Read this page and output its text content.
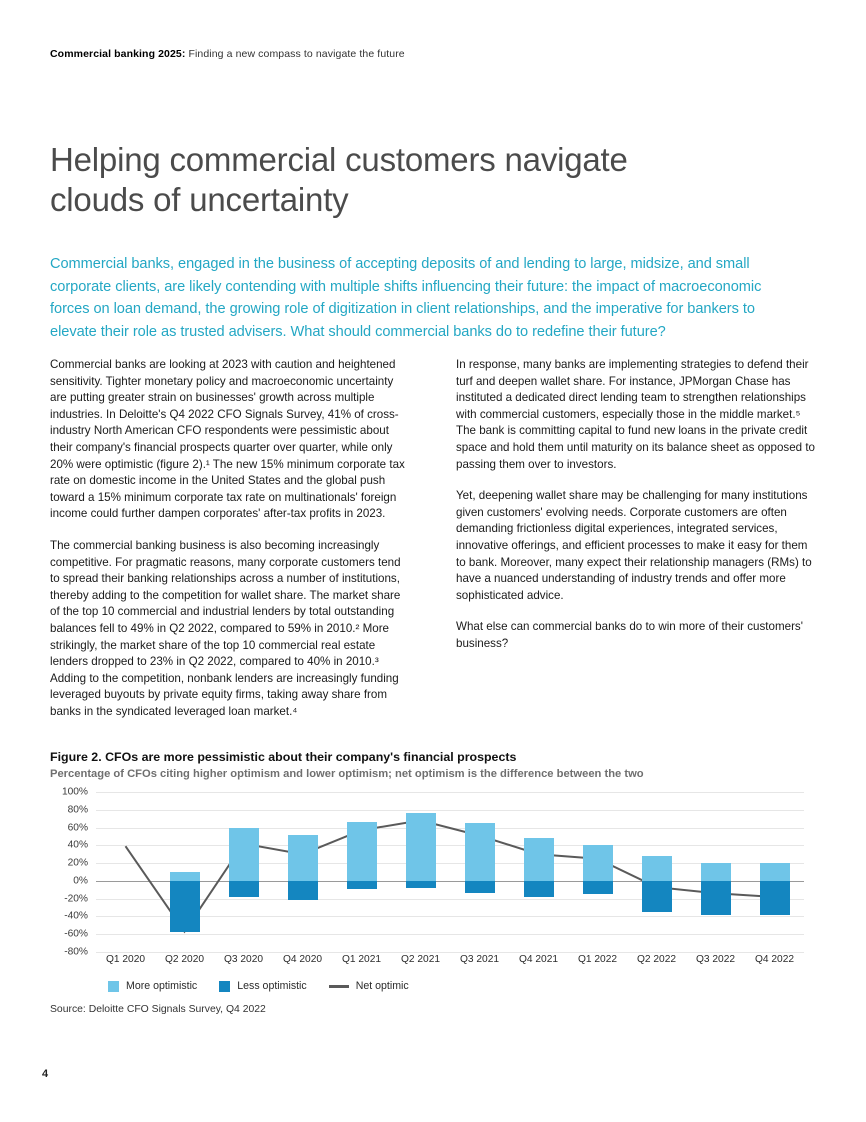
Commercial banking 2025: Finding a new compass to navigate the future
Helping commercial customers navigate clouds of uncertainty
Commercial banks, engaged in the business of accepting deposits of and lending to large, midsize, and small corporate clients, are likely contending with multiple shifts influencing their future: the impact of macroeconomic forces on loan demand, the growing role of digitization in client relationships, and the imperative for bankers to elevate their role as trusted advisers. What should commercial banks do to redefine their future?

Commercial banks are looking at 2023 with caution and heightened sensitivity. Tighter monetary policy and macroeconomic uncertainty are putting greater strain on businesses' growth across multiple industries. In Deloitte's Q4 2022 CFO Signals Survey, 41% of cross-industry North American CFO respondents were pessimistic about their company's financial prospects quarter over quarter, while only 20% were optimistic (figure 2).¹ The new 15% minimum corporate tax rate on domestic income in the United States and the global push toward a 15% minimum corporate tax rate on multinationals' foreign income could further dampen corporates' after-tax profits in 2023.

The commercial banking business is also becoming increasingly competitive. For pragmatic reasons, many corporate customers tend to spread their banking relationships across a number of institutions, thereby adding to the competition for wallet share. The market share of the top 10 commercial and industrial lenders by total outstanding balances fell to 49% in Q2 2022, compared to 59% in 2010.² More strikingly, the market share of the top 10 commercial real estate lenders dropped to 23% in Q2 2022, compared to 40% in 2010.³ Adding to the competition, nonbank lenders are increasingly funding leveraged buyouts by private equity firms, taking away share from banks in the syndicated leveraged loan market.⁴

In response, many banks are implementing strategies to defend their turf and deepen wallet share. For instance, JPMorgan Chase has instituted a dedicated direct lending team to strengthen relationships with commercial customers, especially those in the middle market.⁵ The bank is committing capital to fund new loans in the private credit space and hold them until maturity on its balance sheet as opposed to passing them over to investors.

Yet, deepening wallet share may be challenging for many institutions given customers' evolving needs. Corporate customers are often demanding frictionless digital experiences, integrated services, innovative offerings, and efficient processes to make it easy for them to bank. Moreover, many expect their relationship managers (RMs) to have a nuanced understanding of industry trends and offer more sophisticated advice.

What else can commercial banks do to win more of their customers' business?

Figure 2. CFOs are more pessimistic about their company's financial prospects
Percentage of CFOs citing higher optimism and lower optimism; net optimism is the difference between the two
100%
80%
60%
40%
20%
0%
-20%
-40%
-60%
-80%
Q1 2020 Q2 2020 Q3 2020 Q4 2020 Q1 2021 Q2 2021 Q3 2021 Q4 2021 Q1 2022 Q2 2022 Q3 2022 Q4 2022
More optimistic	Less optimistic	Net optimic
Source: Deloitte CFO Signals Survey, Q4 2022
4
